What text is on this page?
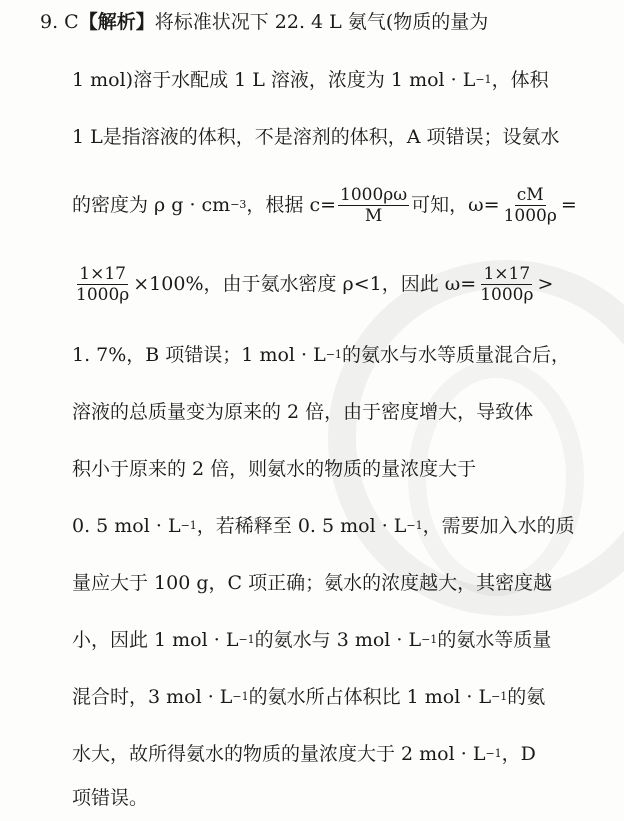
9. C 【解析】 将标准状况下 22. 4 L 氨气(物质的量为
1 mol)溶于水配成 1 L 溶液，浓度为 1 mol · L −1 ，体积
1 L是指溶液的体积，不是溶剂的体积，A 项错误；设氨水
的密度为 ρ g · cm −3 ，根据 $c= \frac{1000\rho\omega}{M}$ 可知，$\omega= \frac{cM}{1000\rho}$ =
$\frac{1\times 17}{1000\rho} \times 100\%$，由于氨水密度 ρ<1，因此 $\omega= \frac{1\times 17}{1000\rho}$ >
1. 7%，B 项错误；1 mol · L −1 的氨水与水等质量混合后，
溶液的总质量变为原来的 2 倍，由于密度增大，导致体
积小于原来的 2 倍，则氨水的物质的量浓度大于
0. 5 mol · L −1 ，若稀释至 0. 5 mol · L −1 ，需要加入水的质
量应大于 100 g，C 项正确；氨水的浓度越大，其密度越
小，因此 1 mol · L −1 的氨水与 3 mol · L −1 的氨水等质量
混合时，3 mol · L −1 的氨水所占体积比 1 mol · L −1 的氨
水大，故所得氨水的物质的量浓度大于 2 mol · L −1 ，D
项错误。
